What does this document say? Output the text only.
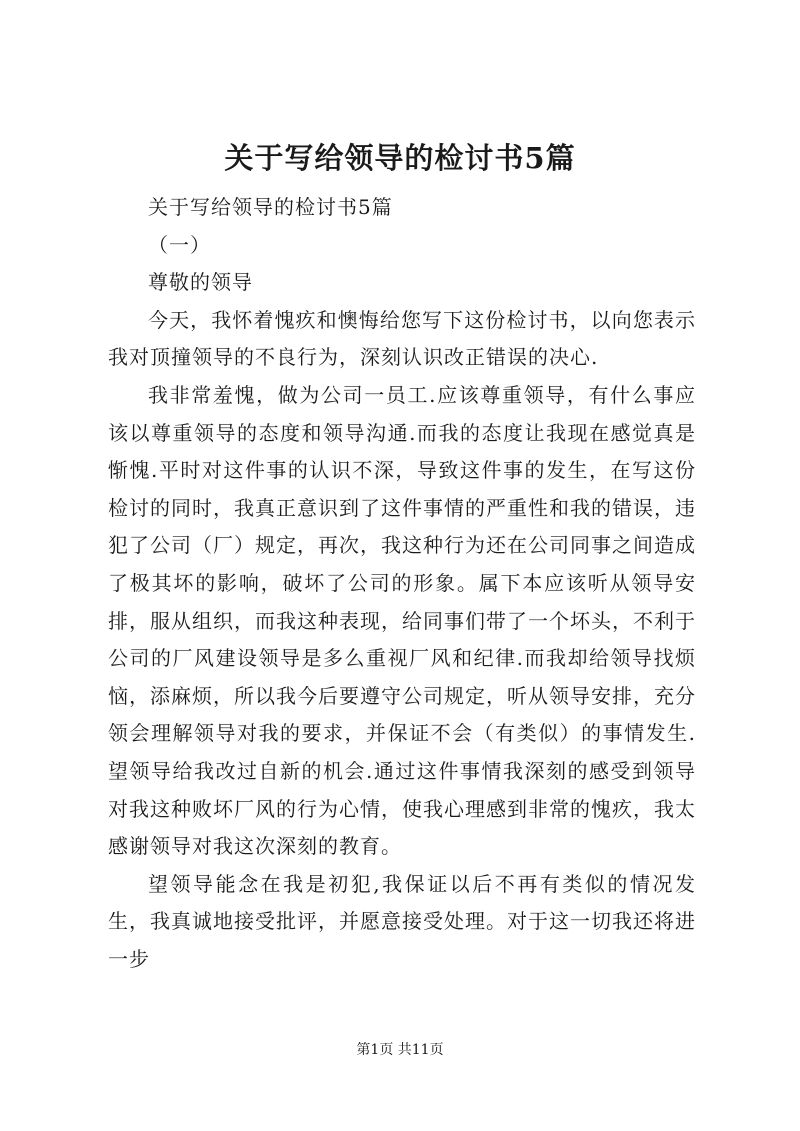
关于写给领导的检讨书5篇

关于写给领导的检讨书5篇

（一）

尊敬的领导

今天，我怀着愧疚和懊悔给您写下这份检讨书，以向您表示我对顶撞领导的不良行为，深刻认识改正错误的决心.

我非常羞愧，做为公司一员工.应该尊重领导，有什么事应该以尊重领导的态度和领导沟通.而我的态度让我现在感觉真是惭愧.平时对这件事的认识不深，导致这件事的发生，在写这份检讨的同时，我真正意识到了这件事情的严重性和我的错误，违犯了公司（厂）规定，再次，我这种行为还在公司同事之间造成了极其坏的影响，破坏了公司的形象。属下本应该听从领导安排，服从组织，而我这种表现，给同事们带了一个坏头，不利于公司的厂风建设领导是多么重视厂风和纪律.而我却给领导找烦恼，添麻烦，所以我今后要遵守公司规定，听从领导安排，充分领会理解领导对我的要求，并保证不会（有类似）的事情发生.望领导给我改过自新的机会.通过这件事情我深刻的感受到领导对我这种败坏厂风的行为心情，使我心理感到非常的愧疚，我太感谢领导对我这次深刻的教育。

望领导能念在我是初犯,我保证以后不再有类似的情况发生，我真诚地接受批评，并愿意接受处理。对于这一切我还将进一步

第1页 共11页
